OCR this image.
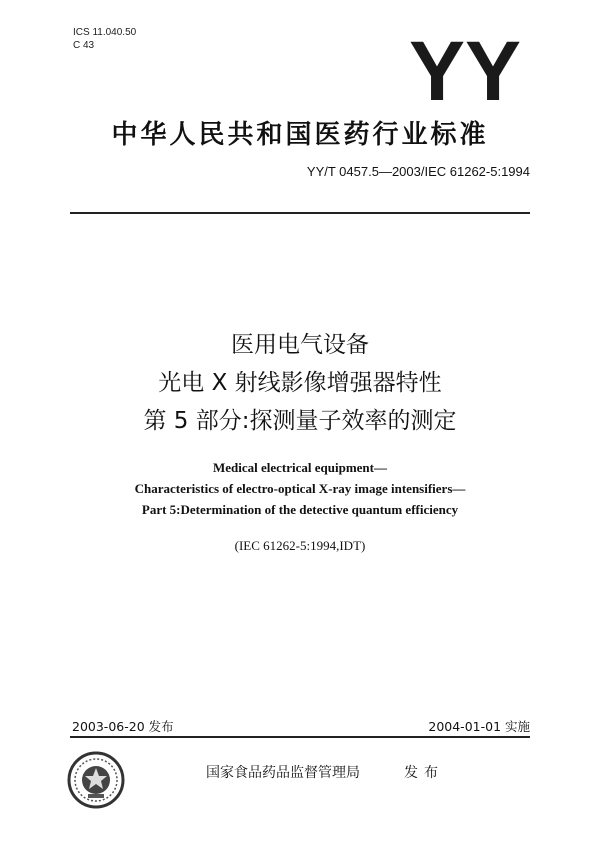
ICS 11.040.50
C 43	YY
中华人民共和国医药行业标准
YY/T 0457.5—2003/IEC 61262-5:1994
医用电气设备
光电 X 射线影像增强器特性
第 5 部分:探测量子效率的测定
Medical electrical equipment—
Characteristics of electro-optical X-ray image intensifiers—
Part 5:Determination of the detective quantum efficiency
(IEC 61262-5:1994,IDT)
2003-06-20 发布	2004-01-01 实施
国家食品药品监督管理局	发布
